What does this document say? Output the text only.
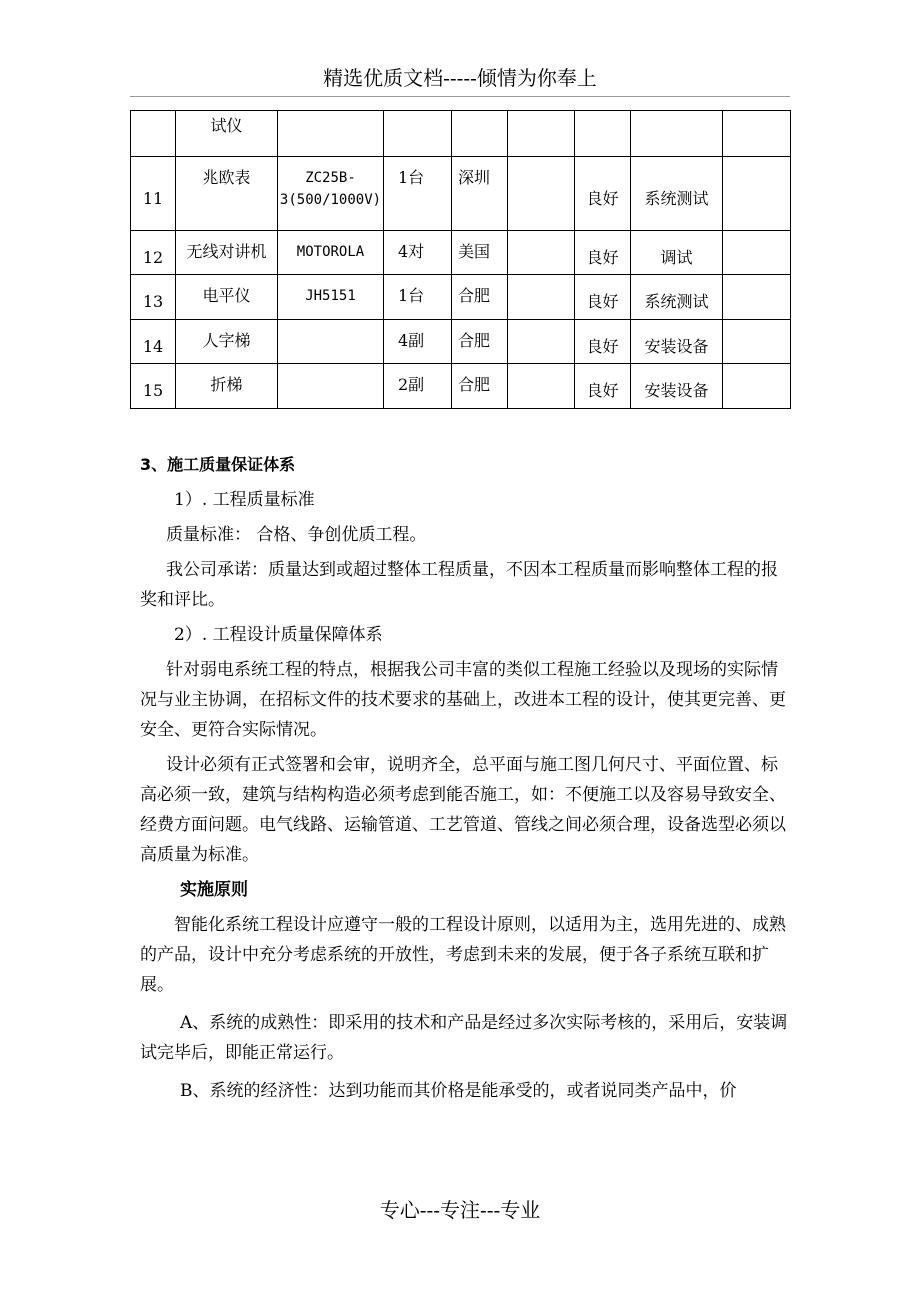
精选优质文档-----倾情为你奉上

	试仪							

11	兆欧表	ZC25B-3(500/1000V)	1台	深圳		良好	系统测试	

12	无线对讲机	MOTOROLA	4对	美国		良好	调试	

13	电平仪	JH5151	1台	合肥		良好	系统测试	

14	人字梯		4副	合肥		良好	安装设备	

15	折梯		2副	合肥		良好	安装设备	

3、施工质量保证体系

1）. 工程质量标准

质量标准： 合格、争创优质工程。

我公司承诺：质量达到或超过整体工程质量，不因本工程质量而影响整体工程的报奖和评比。

2）. 工程设计质量保障体系

针对弱电系统工程的特点，根据我公司丰富的类似工程施工经验以及现场的实际情况与业主协调，在招标文件的技术要求的基础上，改进本工程的设计，使其更完善、更安全、更符合实际情况。

设计必须有正式签署和会审，说明齐全，总平面与施工图几何尺寸、平面位置、标高必须一致，建筑与结构构造必须考虑到能否施工，如：不便施工以及容易导致安全、经费方面问题。电气线路、运输管道、工艺管道、管线之间必须合理，设备选型必须以高质量为标准。

实施原则

智能化系统工程设计应遵守一般的工程设计原则，以适用为主，选用先进的、成熟的产品，设计中充分考虑系统的开放性，考虑到未来的发展，便于各子系统互联和扩展。

A、系统的成熟性：即采用的技术和产品是经过多次实际考核的，采用后，安装调试完毕后，即能正常运行。

B、系统的经济性：达到功能而其价格是能承受的，或者说同类产品中，价

专心---专注---专业
